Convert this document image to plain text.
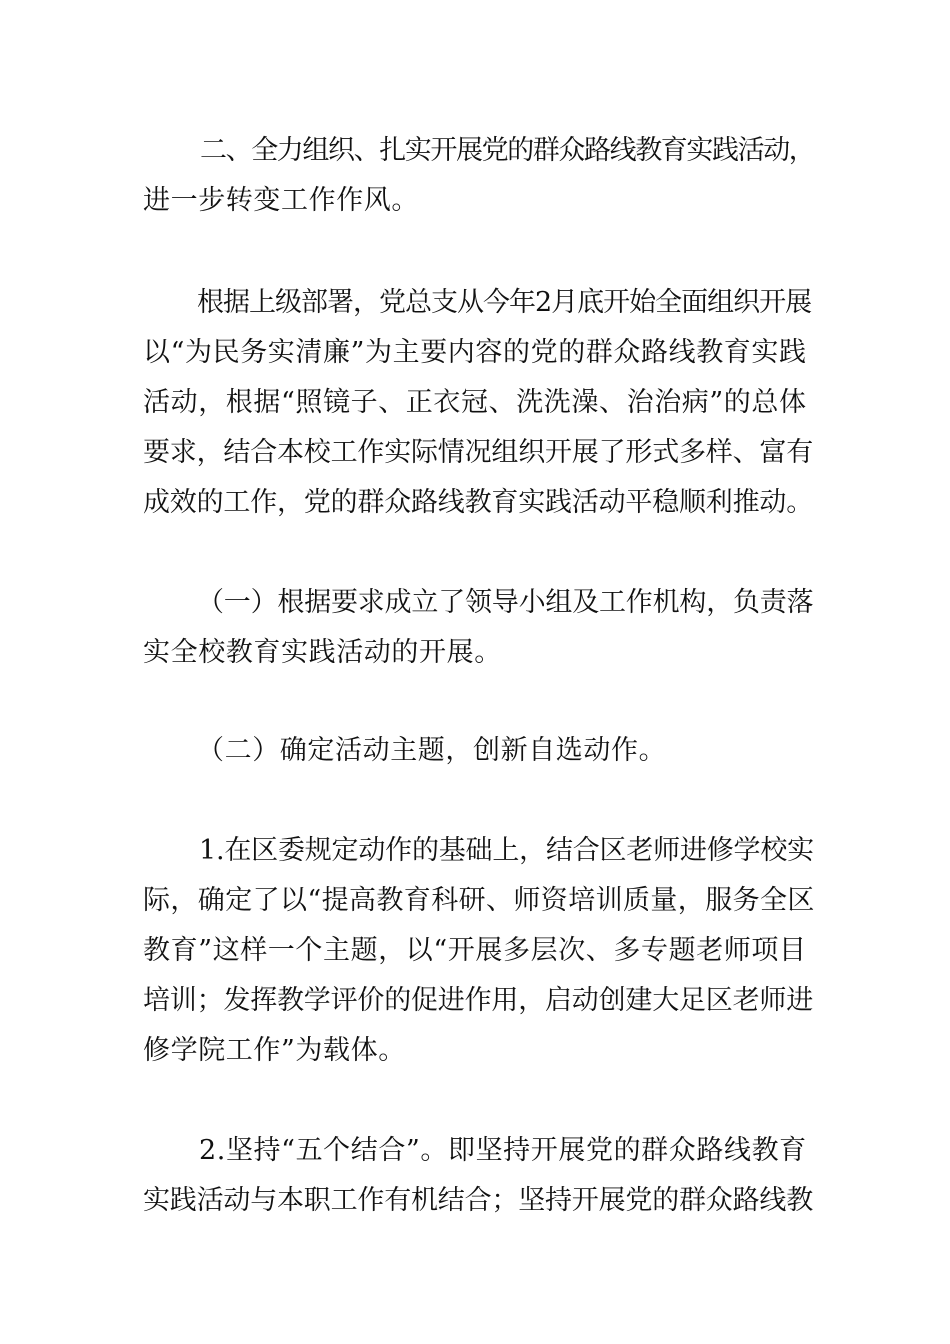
二、全力组织、扎实开展党的群众路线教育实践活动，
进一步转变工作作风。
根据上级部署，党总支从今年2月底开始全面组织开展
以“为民务实清廉”为主要内容的党的群众路线教育实践
活动，根据“照镜子、正衣冠、洗洗澡、治治病”的总体
要求，结合本校工作实际情况组织开展了形式多样、富有
成效的工作，党的群众路线教育实践活动平稳顺利推动。
（一）根据要求成立了领导小组及工作机构，负责落
实全校教育实践活动的开展。
（二）确定活动主题，创新自选动作。
1.在区委规定动作的基础上，结合区老师进修学校实
际，确定了以“提高教育科研、师资培训质量，服务全区
教育”这样一个主题，以“开展多层次、多专题老师项目
培训；发挥教学评价的促进作用，启动创建大足区老师进
修学院工作”为载体。
2.坚持“五个结合”。即坚持开展党的群众路线教育
实践活动与本职工作有机结合；坚持开展党的群众路线教
